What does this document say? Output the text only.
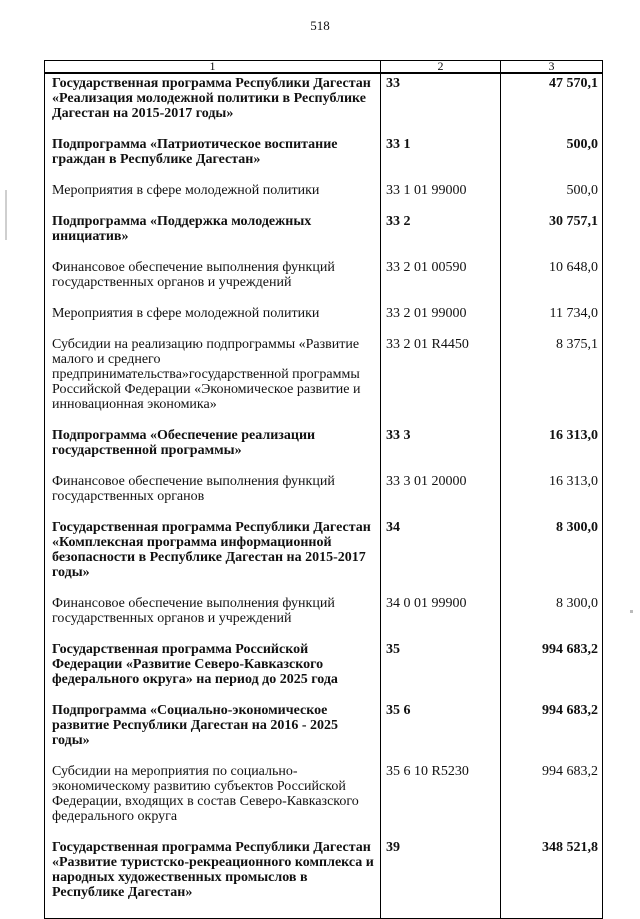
518
1	2	3
Государственная программа Республики Дагестан «Реализация молодежной политики в Республике Дагестан на 2015-2017 годы»	33	47 570,1
Подпрограмма «Патриотическое воспитание граждан в Республике Дагестан»	33 1	500,0
Мероприятия в сфере молодежной политики	33 1 01 99000	500,0
Подпрограмма «Поддержка молодежных инициатив»	33 2	30 757,1
Финансовое обеспечение выполнения функций государственных органов и учреждений	33 2 01 00590	10 648,0
Мероприятия в сфере молодежной политики	33 2 01 99000	11 734,0
Субсидии на реализацию подпрограммы «Развитие малого и среднего предпринимательства»государственной программы Российской Федерации «Экономическое развитие и инновационная экономика»	33 2 01 R4450	8 375,1
Подпрограмма «Обеспечение реализации государственной программы»	33 3	16 313,0
Финансовое обеспечение выполнения функций государственных органов	33 3 01 20000	16 313,0
Государственная программа Республики Дагестан «Комплексная программа информационной безопасности в Республике Дагестан на 2015-2017 годы»	34	8 300,0
Финансовое обеспечение выполнения функций государственных органов и учреждений	34 0 01 99900	8 300,0
Государственная программа Российской Федерации «Развитие Северо-Кавказского федерального округа» на период до 2025 года	35	994 683,2
Подпрограмма «Социально-экономическое развитие Республики Дагестан на 2016 - 2025 годы»	35 6	994 683,2
Субсидии на мероприятия по социально-экономическому развитию субъектов Российской Федерации, входящих в состав Северо-Кавказского федерального округа	35 6 10 R5230	994 683,2
Государственная программа Республики Дагестан «Развитие туристско-рекреационного комплекса и народных художественных промыслов в Республике Дагестан»	39	348 521,8
